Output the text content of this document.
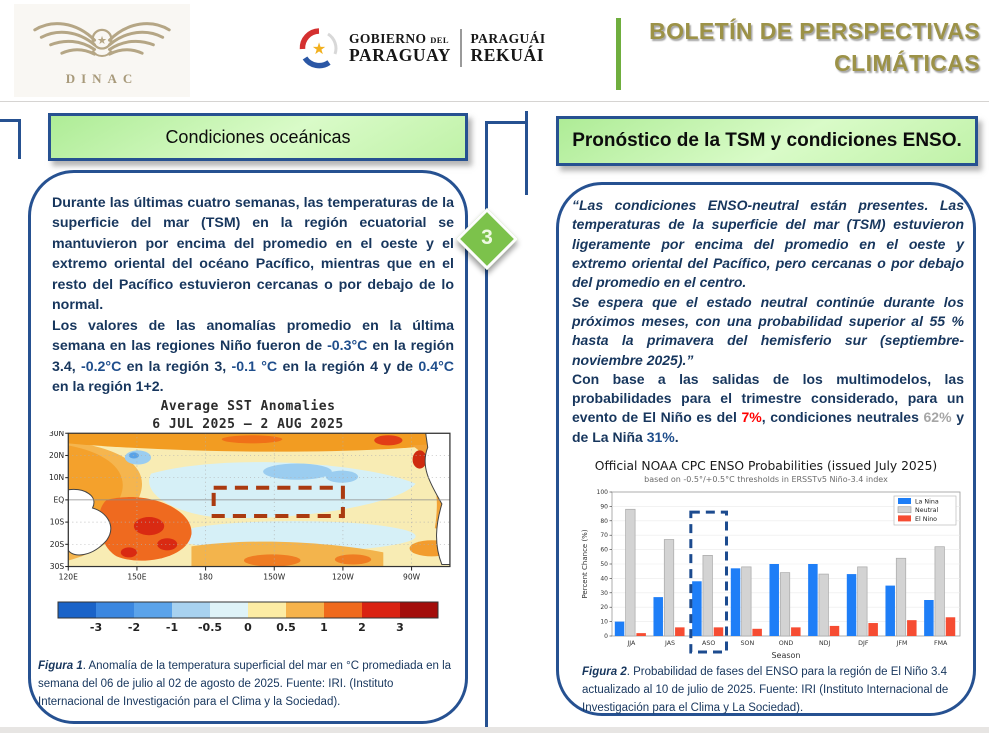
★
DINAC
★
GOBIERNO DEL
PARAGUAY
PARAGUÁI
REKUÁI
BOLETÍN DE PERSPECTIVAS
CLIMÁTICAS
Condiciones oceánicas

Durante las últimas cuatro semanas, las temperaturas de la superficie del mar (TSM) en la región ecuatorial se mantuvieron por encima del promedio en el oeste y el extremo oriental del océano Pacífico, mientras que en el resto del Pacífico estuvieron cercanas o por debajo de lo normal.

Los valores de las anomalías promedio en la última semana en las regiones Niño fueron de -0.3°C en la región 3.4, -0.2°C en la región 3, -0.1 °C en la región 4 y de 0.4°C en la región 1+2.

Average SST Anomalies
6 JUL 2025 – 2 AUG 2025
30N
20N
10N
EQ
10S
20S
30S
120E	150E	180	150W	120W	90W
-3 -2 -1 -0.5 0 0.5 1	2	3
Figura 1. Anomalía de la temperatura superficial del mar en °C promediada en la semana del 06 de julio al 02 de agosto de 2025. Fuente: IRI. (Instituto Internacional de Investigación para el Clima y la Sociedad).
3
Pronóstico de la TSM y condiciones ENSO.

“Las condiciones ENSO-neutral están presentes. Las temperaturas de la superficie del mar (TSM) estuvieron ligeramente por encima del promedio en el oeste y extremo oriental del Pacífico, pero cercanas o por debajo del promedio en el centro.

Se espera que el estado neutral continúe durante los próximos meses, con una probabilidad superior al 55 % hasta la primavera del hemisferio sur (septiembre-noviembre 2025).”

Con base a las salidas de los multimodelos, las probabilidades para el trimestre considerado, para un evento de El Niño es del 7%, condiciones neutrales 62% y de La Niña 31%.

Official NOAA CPC ENSO Probabilities (issued July 2025)
based on -0.5°/+0.5°C thresholds in ERSSTv5 Niño-3.4 index
0
10
20
30
40
50
60
70
80
90
100
JJA	JAS	ASO	SON	OND	NDJ	DJF	JFM	FMA
Season
Percent Chance (%)
La Nina
Neutral
El Nino
Figura 2. Probabilidad de fases del ENSO para la región de El Niño 3.4 actualizado al 10 de julio de 2025. Fuente: IRI (Instituto Internacional de Investigación para el Clima y La Sociedad).
